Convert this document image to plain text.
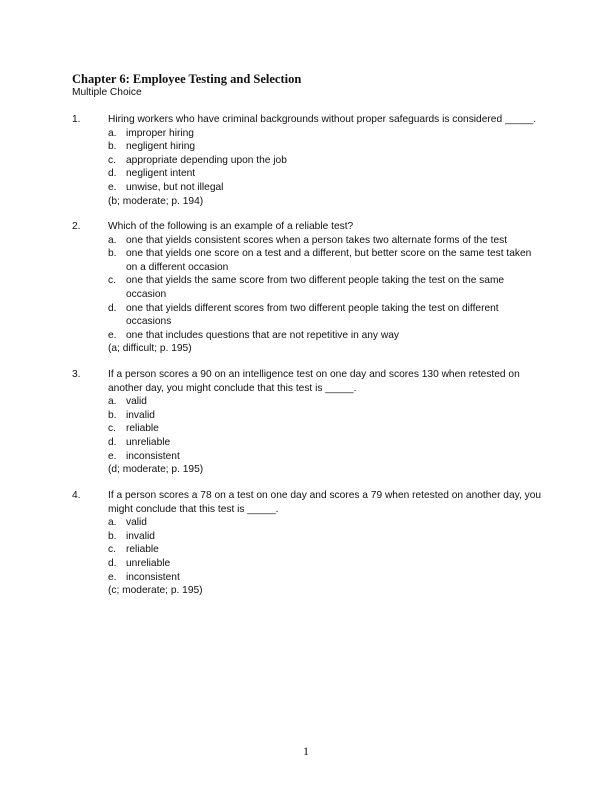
Chapter 6: Employee Testing and Selection
Multiple Choice
1.	Hiring workers who have criminal backgrounds without proper safeguards is considered _____.
a. improper hiring
b. negligent hiring
c. appropriate depending upon the job
d. negligent intent
e. unwise, but not illegal
(b; moderate; p. 194)
2.	Which of the following is an example of a reliable test?
a. one that yields consistent scores when a person takes two alternate forms of the test
b. one that yields one score on a test and a different, but better score on the same test taken on a different occasion
c. one that yields the same score from two different people taking the test on the same occasion
d. one that yields different scores from two different people taking the test on different occasions
e. one that includes questions that are not repetitive in any way
(a; difficult; p. 195)
3.	If a person scores a 90 on an intelligence test on one day and scores 130 when retested on another day, you might conclude that this test is _____.
a. valid
b. invalid
c. reliable
d. unreliable
e. inconsistent
(d; moderate; p. 195)
4.	If a person scores a 78 on a test on one day and scores a 79 when retested on another day, you might conclude that this test is _____.
a. valid
b. invalid
c. reliable
d. unreliable
e. inconsistent
(c; moderate; p. 195)
1
